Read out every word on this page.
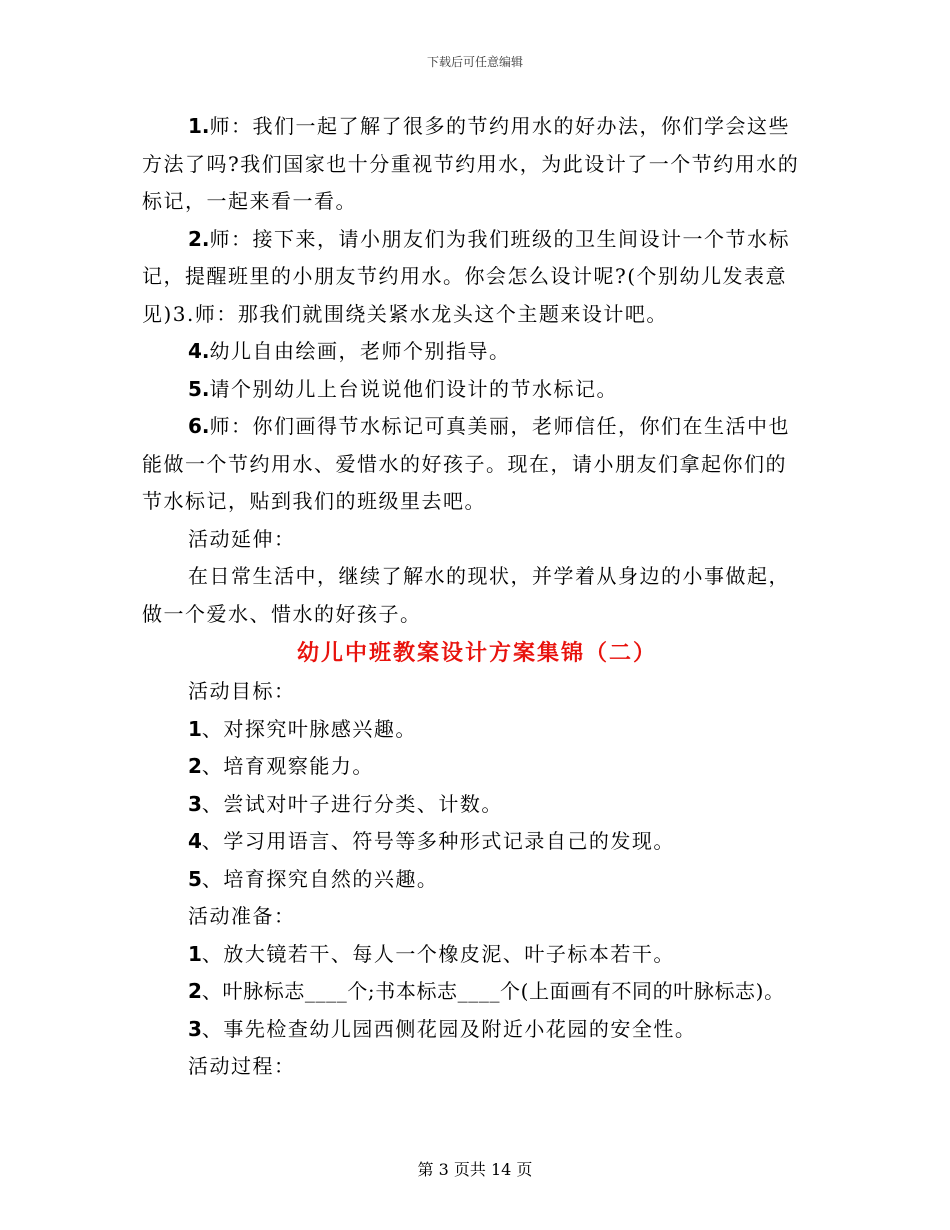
下载后可任意编辑

1.师：我们一起了解了很多的节约用水的好办法，你们学会这些

方法了吗?我们国家也十分重视节约用水，为此设计了一个节约用水的

标记，一起来看一看。

2.师：接下来，请小朋友们为我们班级的卫生间设计一个节水标

记，提醒班里的小朋友节约用水。你会怎么设计呢?(个别幼儿发表意

见)3.师：那我们就围绕关紧水龙头这个主题来设计吧。

4.幼儿自由绘画，老师个别指导。

5.请个别幼儿上台说说他们设计的节水标记。

6.师：你们画得节水标记可真美丽，老师信任，你们在生活中也

能做一个节约用水、爱惜水的好孩子。现在，请小朋友们拿起你们的

节水标记，贴到我们的班级里去吧。

活动延伸：

在日常生活中，继续了解水的现状，并学着从身边的小事做起，

做一个爱水、惜水的好孩子。

幼儿中班教案设计方案集锦（二）

活动目标：

1、对探究叶脉感兴趣。

2、培育观察能力。

3、尝试对叶子进行分类、计数。

4、学习用语言、符号等多种形式记录自己的发现。

5、培育探究自然的兴趣。

活动准备：

1、放大镜若干、每人一个橡皮泥、叶子标本若干。

2、叶脉标志____个;书本标志____个(上面画有不同的叶脉标志)。

3、事先检查幼儿园西侧花园及附近小花园的安全性。

活动过程：

第 3 页共 14 页
